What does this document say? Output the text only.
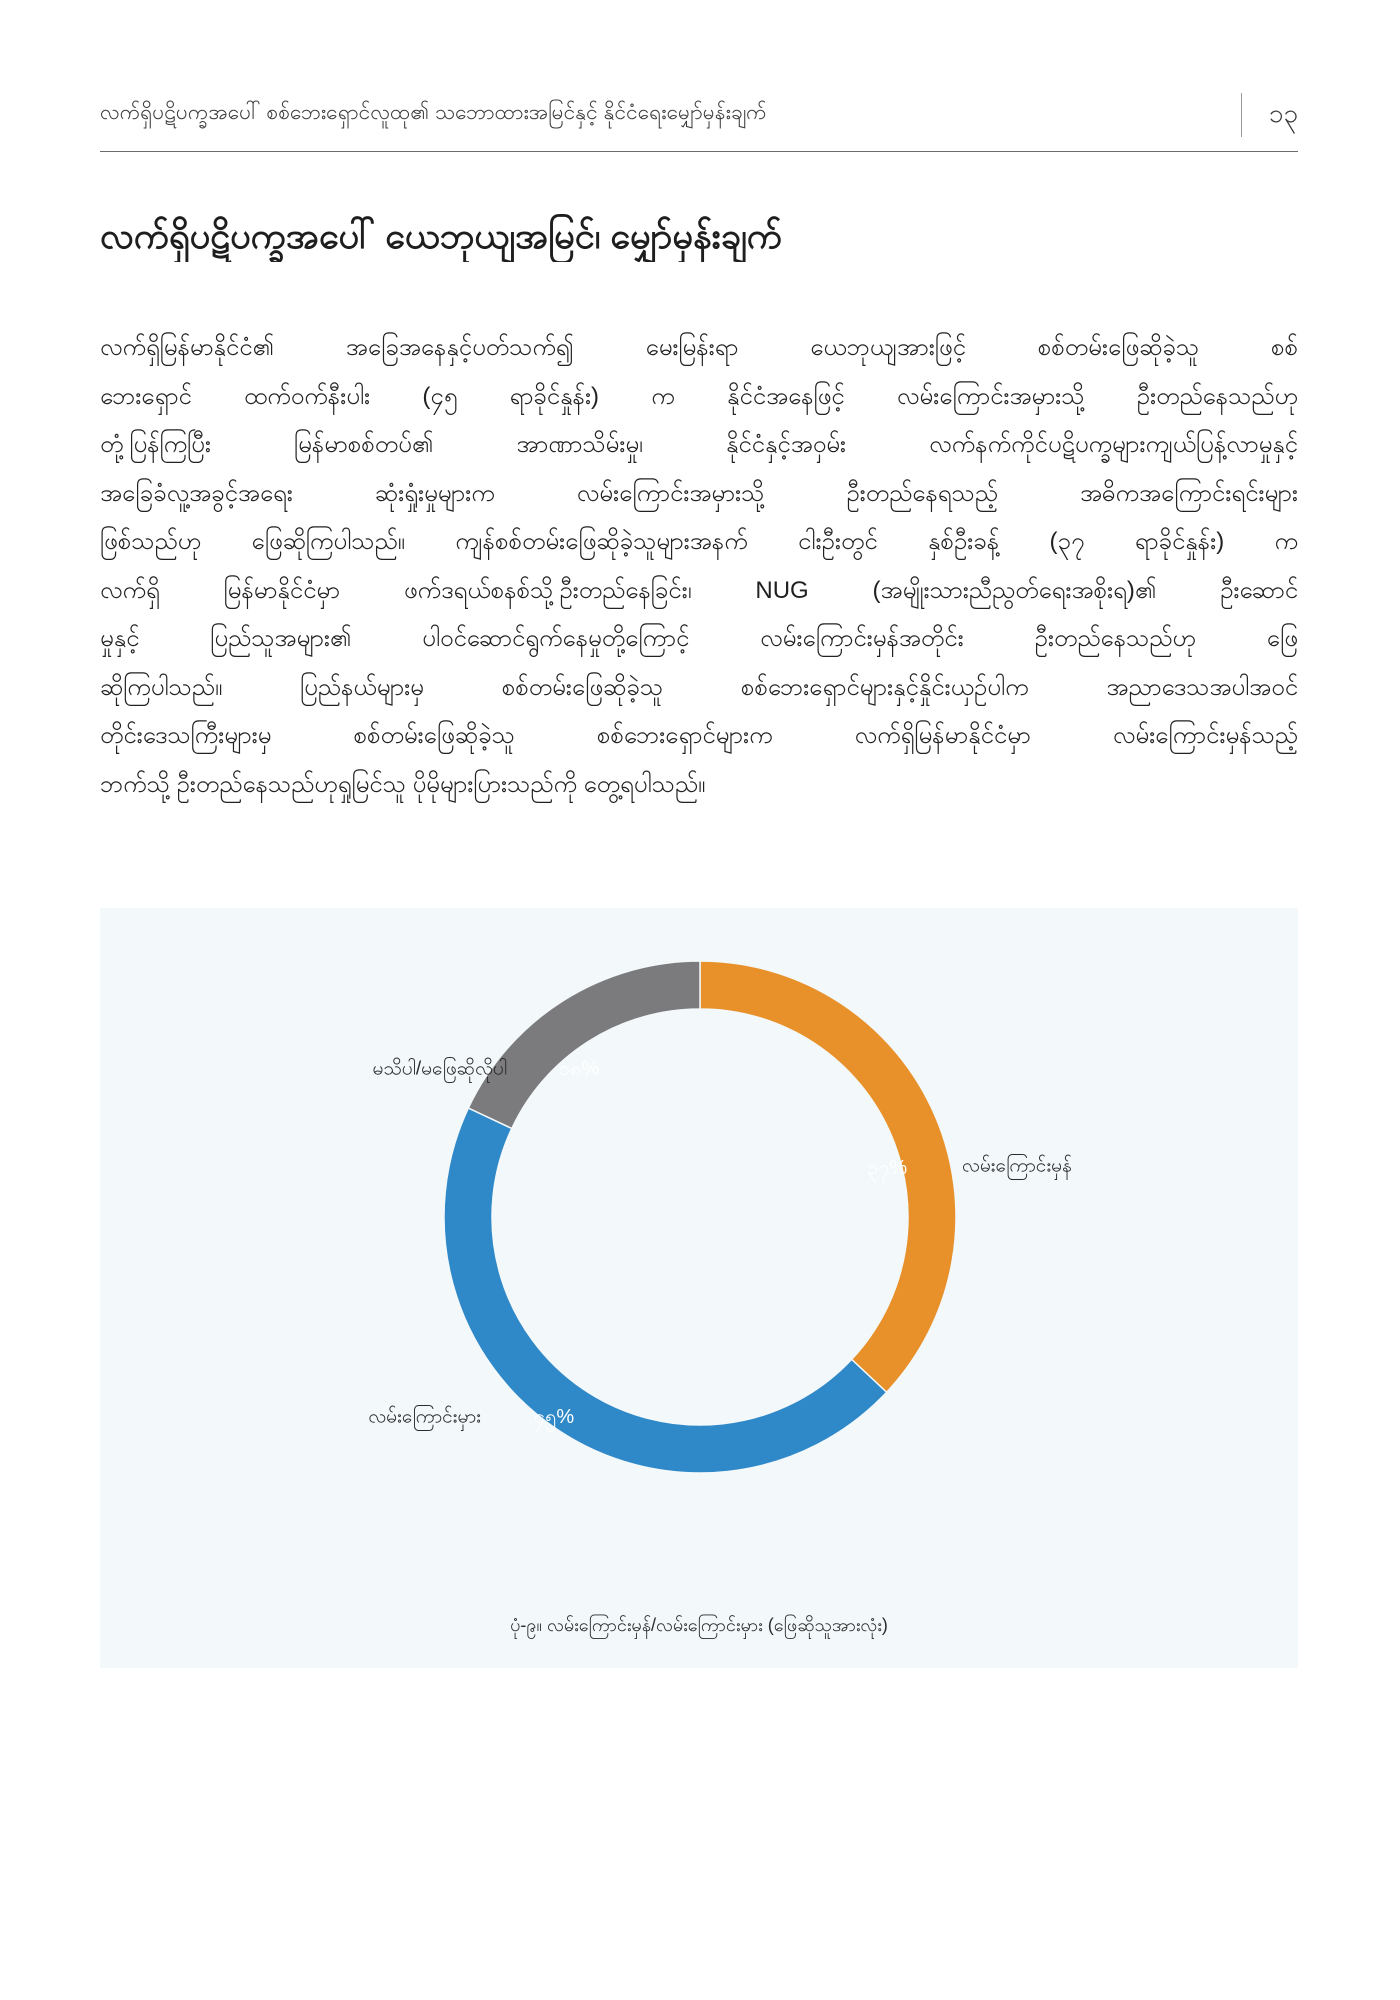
လက်ရှိပဋိပက္ခအပေါ် စစ်ဘေးရှောင်လူထု၏ သဘောထားအမြင်နှင့် နိုင်ငံရေးမျှော်မှန်းချက်	၁၃
လက်ရှိပဋိပက္ခအပေါ် ယေဘုယျအမြင်၊ မျှော်မှန်းချက်
လက်ရှိမြန်မာနိုင်ငံ၏ အခြေအနေနှင့်ပတ်သက်၍ မေးမြန်းရာ ယေဘုယျအားဖြင့် စစ်တမ်းဖြေဆိုခဲ့သူ စစ်
ဘေးရှောင် ထက်ဝက်နီးပါး (၄၅ ရာခိုင်နှုန်း) က နိုင်ငံအနေဖြင့် လမ်းကြောင်းအမှားသို့ ဦးတည်နေသည်ဟု
တုံ့ပြန်ကြပြီး မြန်မာစစ်တပ်၏ အာဏာသိမ်းမှု၊ နိုင်ငံနှင့်အဝှမ်း လက်နက်ကိုင်ပဋိပက္ခများကျယ်ပြန့်လာမှုနှင့်
အခြေခံလူ့အခွင့်အရေး ဆုံးရှုံးမှုများက လမ်းကြောင်းအမှားသို့ ဦးတည်နေရသည့် အဓိကအကြောင်းရင်းများ
ဖြစ်သည်ဟု ဖြေဆိုကြပါသည်။ ကျန်စစ်တမ်းဖြေဆိုခဲ့သူများအနက် ငါးဦးတွင် နှစ်ဦးခန့် (၃၇ ရာခိုင်နှုန်း) က
လက်ရှိ မြန်မာနိုင်ငံမှာ ဖက်ဒရယ်စနစ်သို့ဦးတည်နေခြင်း၊ NUG (အမျိုးသားညီညွတ်ရေးအစိုးရ)၏ ဦးဆောင်
မှုနှင့် ပြည်သူအများ၏ ပါဝင်ဆောင်ရွက်နေမှုတို့ကြောင့် လမ်းကြောင်းမှန်အတိုင်း ဦးတည်နေသည်ဟု ဖြေ
ဆိုကြပါသည်။ ပြည်နယ်များမှ စစ်တမ်းဖြေဆိုခဲ့သူ စစ်ဘေးရှောင်များနှင့်နှိုင်းယှဉ်ပါက အညာဒေသအပါအဝင်
တိုင်းဒေသကြီးများမှ စစ်တမ်းဖြေဆိုခဲ့သူ စစ်ဘေးရှောင်များက လက်ရှိမြန်မာနိုင်ငံမှာ လမ်းကြောင်းမှန်သည့်
ဘက်သို့ ဦးတည်နေသည်ဟုရှုမြင်သူ ပိုမိုများပြားသည်ကို တွေ့ရပါသည်။
၃၇%
၄၅%
၁၈%
လမ်းကြောင်းမှန်
လမ်းကြောင်းမှား
မသိပါ/မဖြေဆိုလိုပါ
ပုံ-၉။ လမ်းကြောင်းမှန်/လမ်းကြောင်းမှား (ဖြေဆိုသူအားလုံး)
